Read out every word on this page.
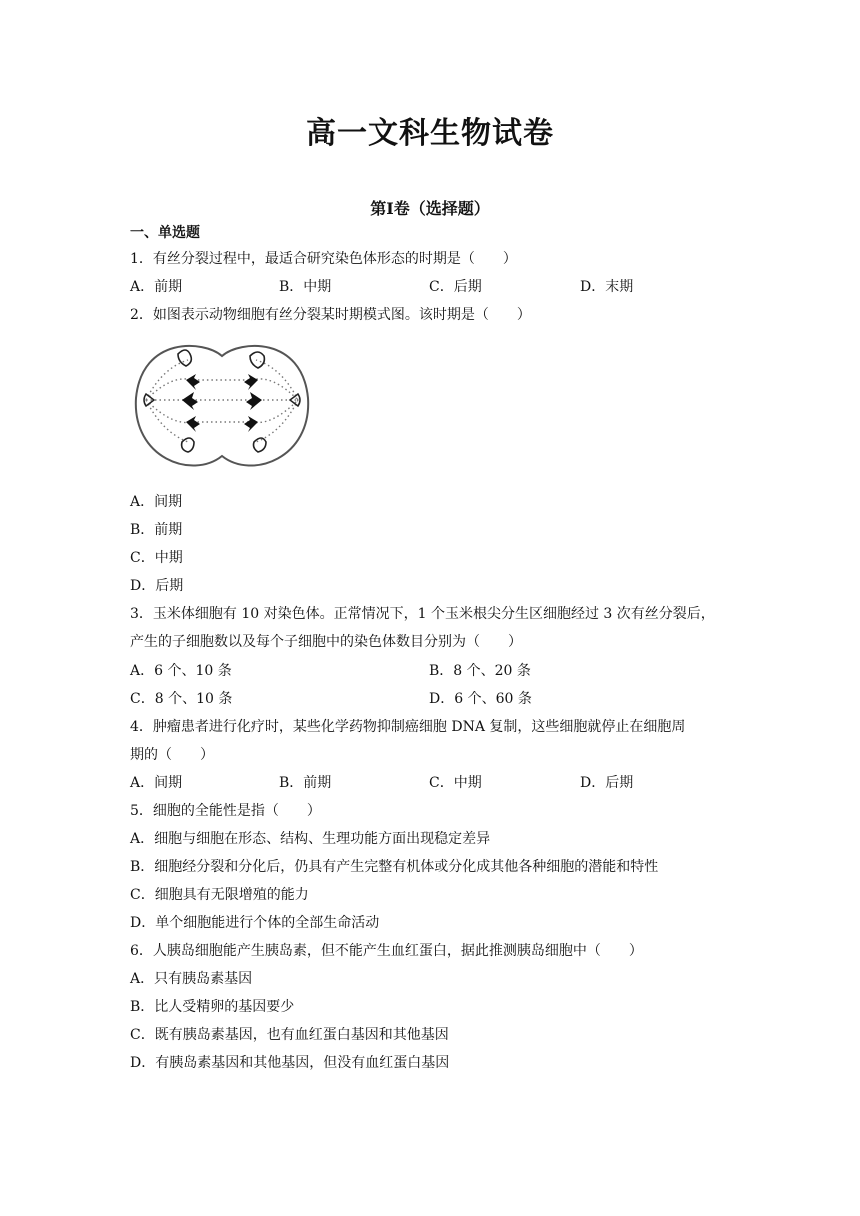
高一文科生物试卷
第Ⅰ卷（选择题）
一、单选题
1．有丝分裂过程中，最适合研究染色体形态的时期是（　　）
A．前期	B．中期	C．后期	D．末期
2．如图表示动物细胞有丝分裂某时期模式图。该时期是（　　）
A．间期
B．前期
C．中期
D．后期
3．玉米体细胞有 10 对染色体。正常情况下，1 个玉米根尖分生区细胞经过 3 次有丝分裂后，
产生的子细胞数以及每个子细胞中的染色体数目分别为（　　）
A．6 个、10 条	B．8 个、20 条
C．8 个、10 条	D．6 个、60 条
4．肿瘤患者进行化疗时，某些化学药物抑制癌细胞 DNA 复制，这些细胞就停止在细胞周
期的（　　）
A．间期	B．前期	C．中期	D．后期
5．细胞的全能性是指（　　）
A．细胞与细胞在形态、结构、生理功能方面出现稳定差异
B．细胞经分裂和分化后，仍具有产生完整有机体或分化成其他各种细胞的潜能和特性
C．细胞具有无限增殖的能力
D．单个细胞能进行个体的全部生命活动
6．人胰岛细胞能产生胰岛素，但不能产生血红蛋白，据此推测胰岛细胞中（　　）
A．只有胰岛素基因
B．比人受精卵的基因要少
C．既有胰岛素基因，也有血红蛋白基因和其他基因
D．有胰岛素基因和其他基因，但没有血红蛋白基因
